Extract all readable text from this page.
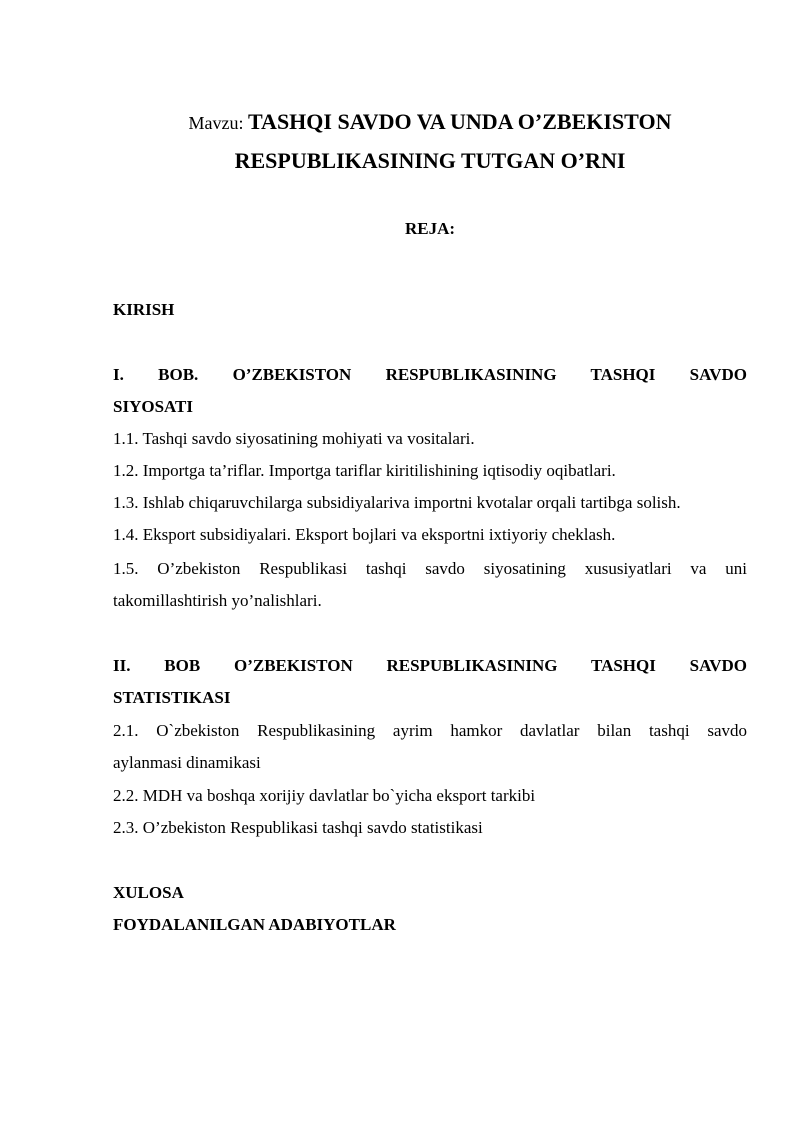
Mavzu: TASHQI SAVDO VA UNDA O’ZBEKISTON
RESPUBLIKASINING TUTGAN O’RNI
REJA:
KIRISH
I. BOB. O’ZBEKISTON RESPUBLIKASINING TASHQI SAVDO
SIYOSATI
1.1. Tashqi savdo siyosatining mohiyati va vositalari.
1.2. Importga ta’riflar. Importga tariflar kiritilishining iqtisodiy oqibatlari.
1.3. Ishlab chiqaruvchilarga subsidiyalariva importni kvotalar orqali tartibga solish.
1.4. Eksport subsidiyalari. Eksport bojlari va eksportni ixtiyoriy cheklash.
1.5. O’zbekiston Respublikasi tashqi savdo siyosatining xususiyatlari va uni
takomillashtirish yo’nalishlari.
II. BOB O’ZBEKISTON RESPUBLIKASINING TASHQI SAVDO
STATISTIKASI
2.1. O`zbekiston Respublikasining ayrim hamkor davlatlar bilan tashqi savdo
aylanmasi dinamikasi
2.2. MDH va boshqa xorijiy davlatlar bo`yicha eksport tarkibi
2.3. O’zbekiston Respublikasi tashqi savdo statistikasi
XULOSA
FOYDALANILGAN ADABIYOTLAR
